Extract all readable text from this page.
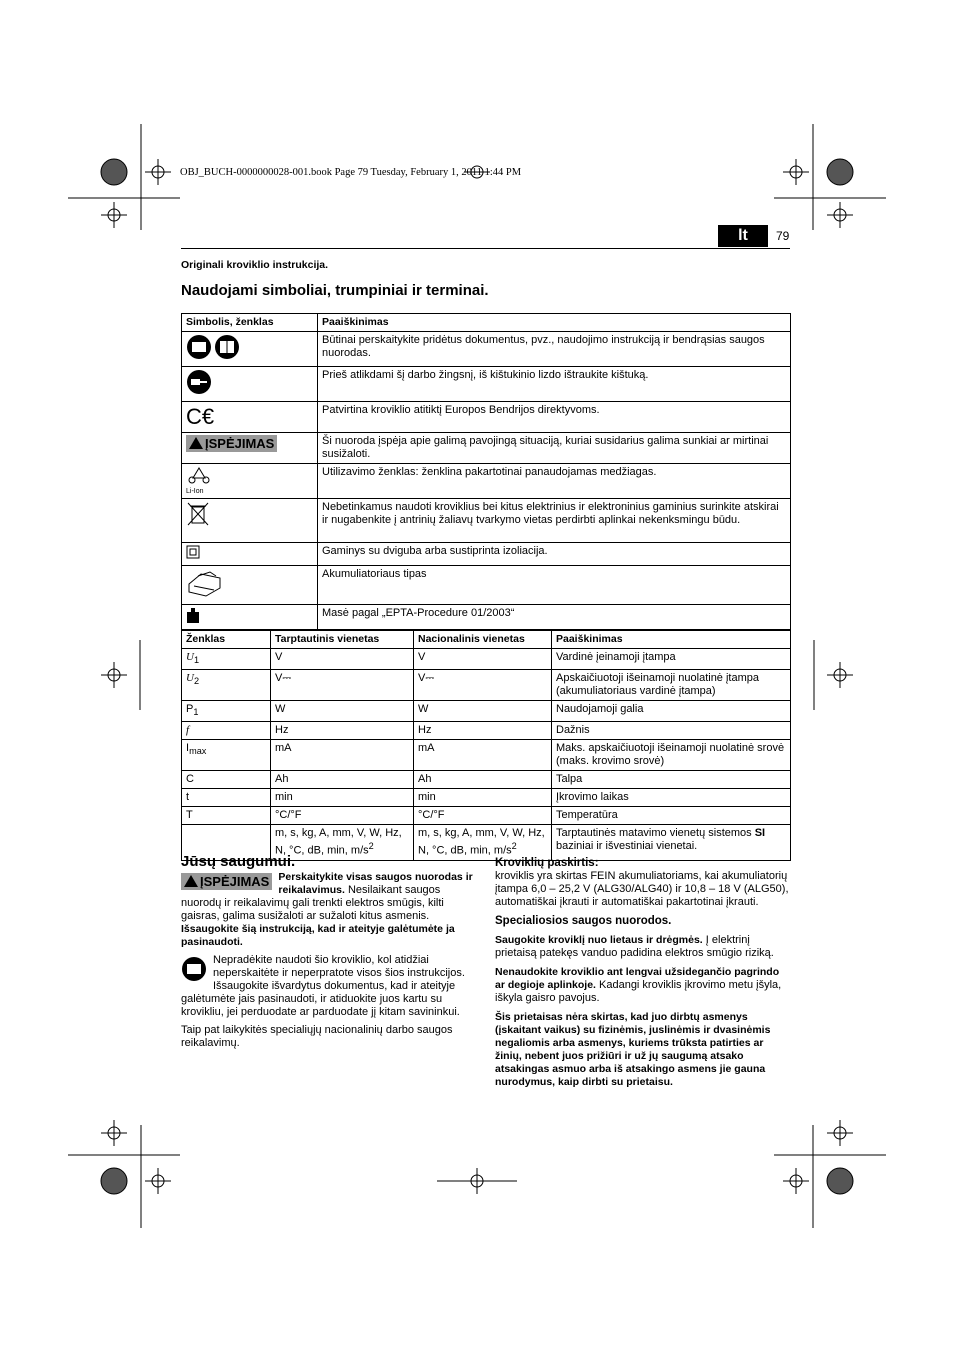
OBJ_BUCH-0000000028-001.book Page 79 Tuesday, February 1, 2011 1:44 PM
lt	79
Originali kroviklio instrukcija.
Naudojami simboliai, trumpiniai ir terminai.
Simbolis, ženklas	Paaiškinimas
	Būtinai perskaitykite pridėtus dokumentus, pvz., naudojimo instrukciją ir bendrąsias saugos nuorodas.
	Prieš atlikdami šį darbo žingsnį, iš kištukinio lizdo ištraukite kištuką.
C€	Patvirtina kroviklio atitiktį Europos Bendrijos direktyvoms.
ĮSPĖJIMAS	Ši nuoroda įspėja apie galimą pavojingą situaciją, kuriai susidarius galima sunkiai ar mirtinai susižaloti.

Li-Ion	Utilizavimo ženklas: ženklina pakartotinai panaudojamas medžiagas.
	Nebetinkamus naudoti kroviklius bei kitus elektrinius ir elektroninius gaminius surinkite atskirai ir nugabenkite į antrinių žaliavų tvarkymo vietas perdirbti aplinkai nekenksmingu būdu.
	Gaminys su dviguba arba sustiprinta izoliacija.
	Akumuliatoriaus tipas
	Masė pagal „EPTA-Procedure 01/2003“
Ženklas	Tarptautinis vienetas	Nacionalinis vienetas	Paaiškinimas
$U_1$	V	V	Vardinė įeinamoji įtampa
$U_2$	V⎓	V⎓	Apskaičiuotoji išeinamoji nuolatinė įtampa (akumuliatoriaus vardinė įtampa)
$P_1$	W	W	Naudojamoji galia
f	Hz	Hz	Dažnis
$I_{max}$	mA	mA	Maks. apskaičiuotoji išeinamoji nuolatinė srovė (maks. krovimo srovė)
C	Ah	Ah	Talpa
t	min	min	Įkrovimo laikas
T	°C/°F	°C/°F	Temperatūra
	m, s, kg, A, mm, V, W, Hz, N, °C, dB, min, $m/s^2$	m, s, kg, A, mm, V, W, Hz, N, °C, dB, min, $m/s^2$	Tarptautinės matavimo vienetų sistemos SI baziniai ir išvestiniai vienetai.
Jūsų saugumui.
ĮSPĖJIMAS Perskaitykite visas saugos nuorodas ir reikalavimus. Nesilaikant saugos nuorodų ir reikalavimų gali trenkti elektros smūgis, kilti gaisras, galima susižaloti ar sužaloti kitus asmenis.
Išsaugokite šią instrukciją, kad ir ateityje galėtumėte ja pasinaudoti.
Nepradėkite naudoti šio kroviklio, kol atidžiai neperskaitėte ir neperpratote visos šios instrukcijos. Išsaugokite išvardytus dokumentus, kad ir ateityje galėtumėte jais pasinaudoti, ir atiduokite juos kartu su krovikliu, jei perduodate ar parduodate jį kitam savininkui.
Taip pat laikykitės specialiųjų nacionalinių darbo saugos reikalavimų.
Kroviklių paskirtis:

kroviklis yra skirtas FEIN akumuliatoriams, kai akumuliatorių įtampa 6,0 – 25,2 V (ALG30/ALG40) ir 10,8 – 18 V (ALG50), automatiškai įkrauti ir automatiškai pakartotinai įkrauti.

Specialiosios saugos nuorodos.

Saugokite kroviklį nuo lietaus ir drėgmės. Į elektrinį prietaisą patekęs vanduo padidina elektros smūgio riziką.

Nenaudokite kroviklio ant lengvai užsidegančio pagrindo ar degioje aplinkoje. Kadangi kroviklis įkrovimo metu įšyla, iškyla gaisro pavojus.

Šis prietaisas nėra skirtas, kad juo dirbtų asmenys (įskaitant vaikus) su fizinėmis, juslinėmis ir dvasinėmis negaliomis arba asmenys, kuriems trūksta patirties ar žinių, nebent juos prižiūri ir už jų saugumą atsako atsakingas asmuo arba iš atsakingo asmens jie gauna nurodymus, kaip dirbti su prietaisu.
